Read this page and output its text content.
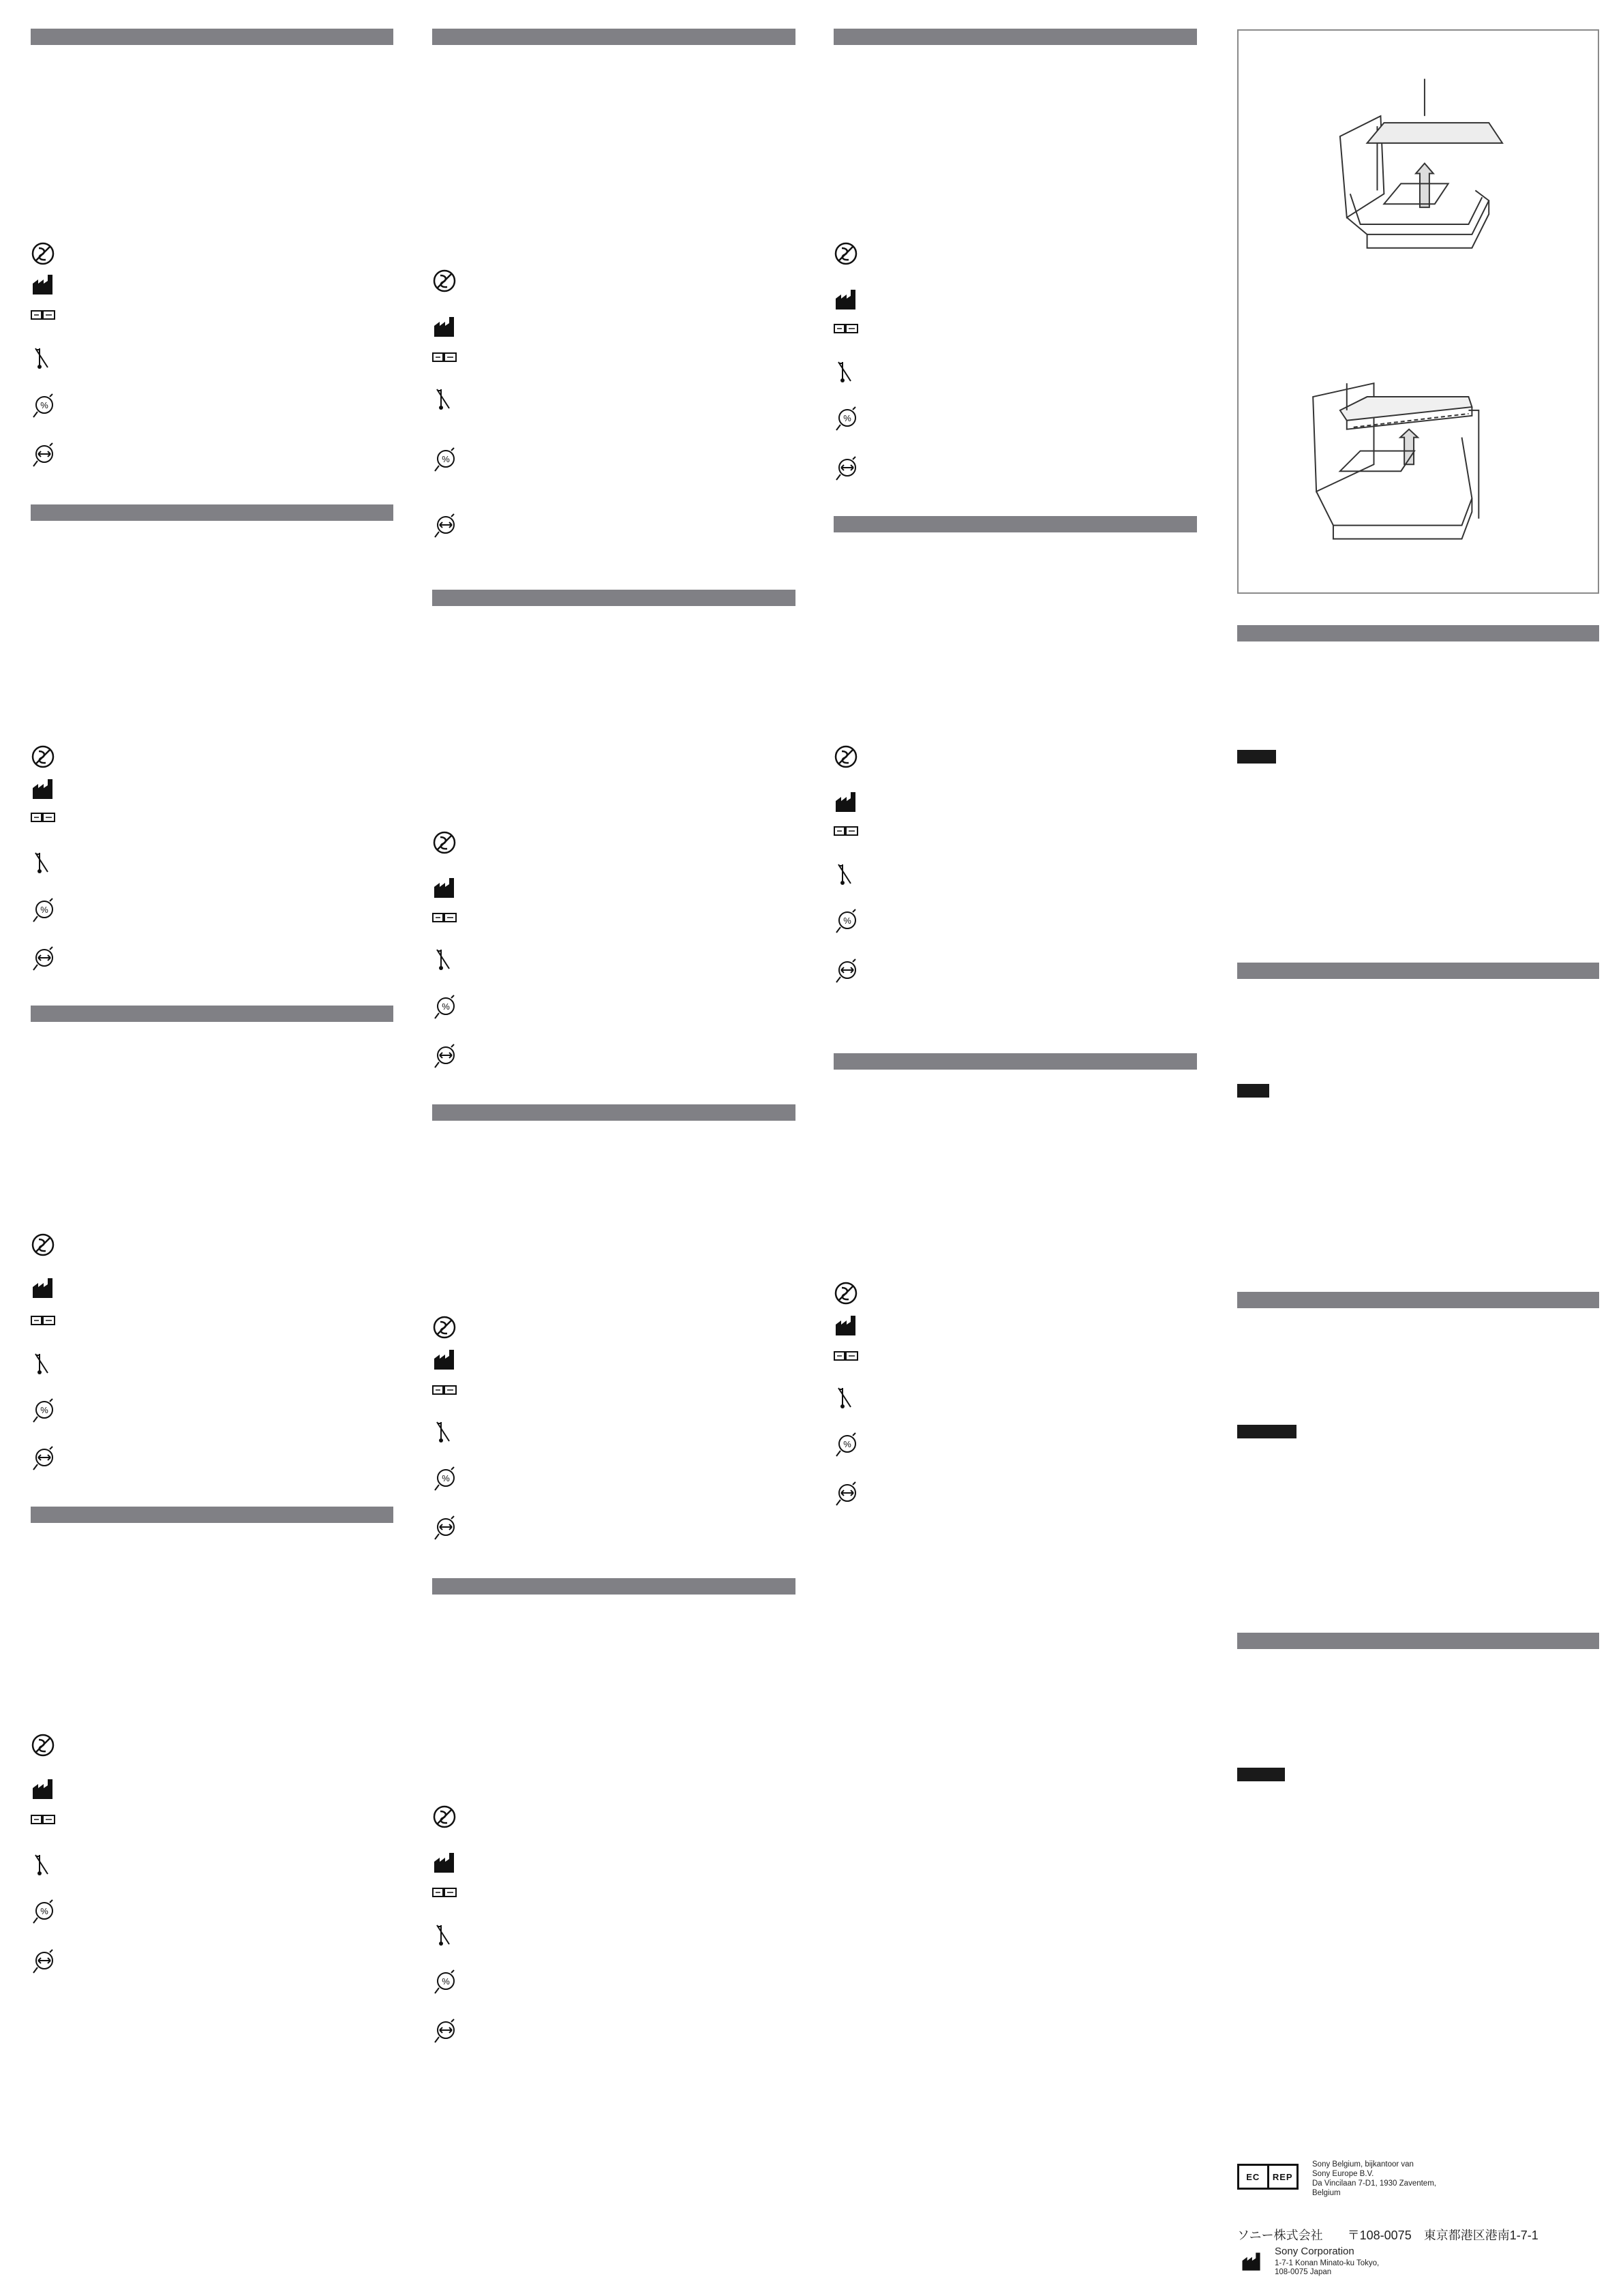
EC	REP
Sony Belgium, bijkantoor van
Sony Europe B.V.
Da Vincilaan 7-D1, 1930 Zaventem,
Belgium
ソニー株式会社　　〒108-0075　東京都港区港南1-7-1
Sony Corporation
1-7-1 Konan Minato-ku Tokyo,
108-0075 Japan
